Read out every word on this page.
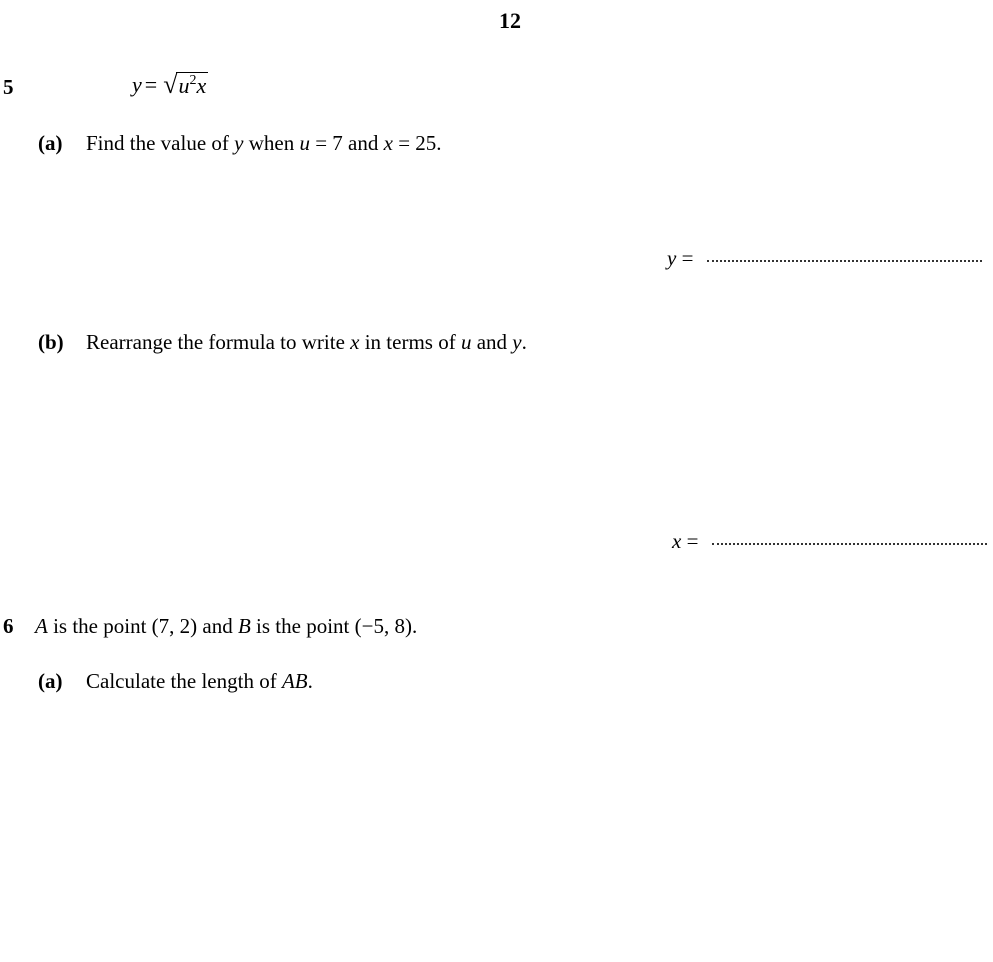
12
5	y = √ $u^2x$
(a) Find the value of y when u = 7 and x = 25.
y =
(b) Rearrange the formula to write x in terms of u and y.
x =
6 A is the point (7, 2) and B is the point (−5, 8).
(a) Calculate the length of AB.
